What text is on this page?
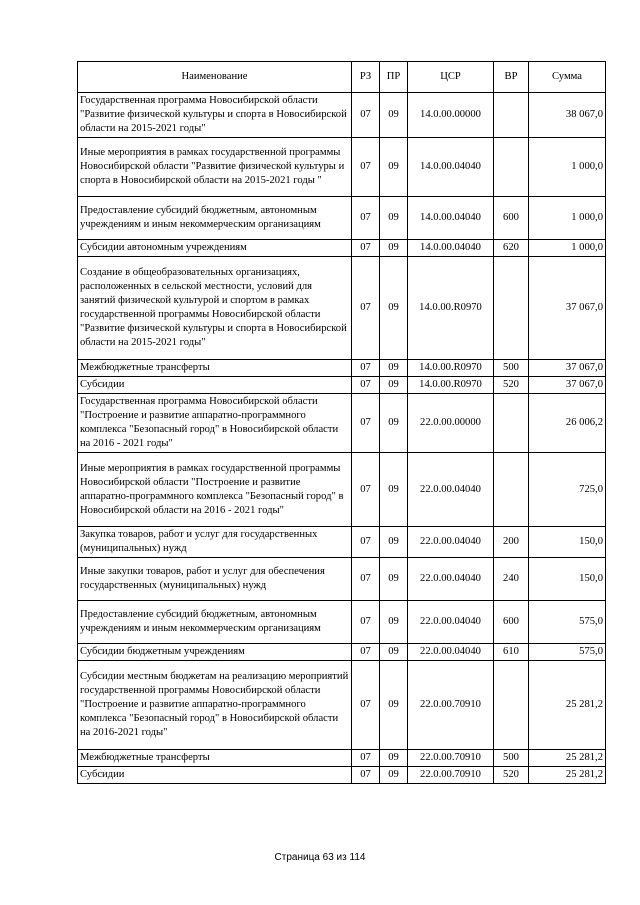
Наименование	РЗ	ПР	ЦСР	ВР	Сумма
Государственная программа Новосибирской области "Развитие физической культуры и спорта в Новосибирской области на 2015-2021 годы"	07	09	14.0.00.00000		38 067,0
Иные мероприятия в рамках государственной программы Новосибирской области "Развитие физической культуры и спорта в Новосибирской области на 2015-2021 годы "	07	09	14.0.00.04040		1 000,0
Предоставление субсидий бюджетным, автономным учреждениям и иным некоммерческим организациям	07	09	14.0.00.04040	600	1 000,0
Субсидии автономным учреждениям	07	09	14.0.00.04040	620	1 000,0
Создание в общеобразовательных организациях, расположенных в сельской местности, условий для занятий физической культурой и спортом в рамках государственной программы Новосибирской области "Развитие физической культуры и спорта в Новосибирской области на 2015-2021 годы"	07	09	14.0.00.R0970		37 067,0
Межбюджетные трансферты	07	09	14.0.00.R0970	500	37 067,0
Субсидии	07	09	14.0.00.R0970	520	37 067,0
Государственная программа Новосибирской области "Построение и развитие аппаратно-программного комплекса "Безопасный город" в Новосибирской области на 2016 - 2021 годы"	07	09	22.0.00.00000		26 006,2
Иные мероприятия в рамках государственной программы Новосибирской области "Построение и развитие аппаратно-программного комплекса "Безопасный город" в Новосибирской области на 2016 - 2021 годы"	07	09	22.0.00.04040		725,0
Закупка товаров, работ и услуг для государственных (муниципальных) нужд	07	09	22.0.00.04040	200	150,0
Иные закупки товаров, работ и услуг для обеспечения государственных (муниципальных) нужд	07	09	22.0.00.04040	240	150,0
Предоставление субсидий бюджетным, автономным учреждениям и иным некоммерческим организациям	07	09	22.0.00.04040	600	575,0
Субсидии бюджетным учреждениям	07	09	22.0.00.04040	610	575,0
Субсидии местным бюджетам на реализацию мероприятий государственной программы Новосибирской области "Построение и развитие аппаратно-программного комплекса "Безопасный город" в Новосибирской области на 2016-2021 годы"	07	09	22.0.00.70910		25 281,2
Межбюджетные трансферты	07	09	22.0.00.70910	500	25 281,2
Субсидии	07	09	22.0.00.70910	520	25 281,2
Страница 63 из 114
